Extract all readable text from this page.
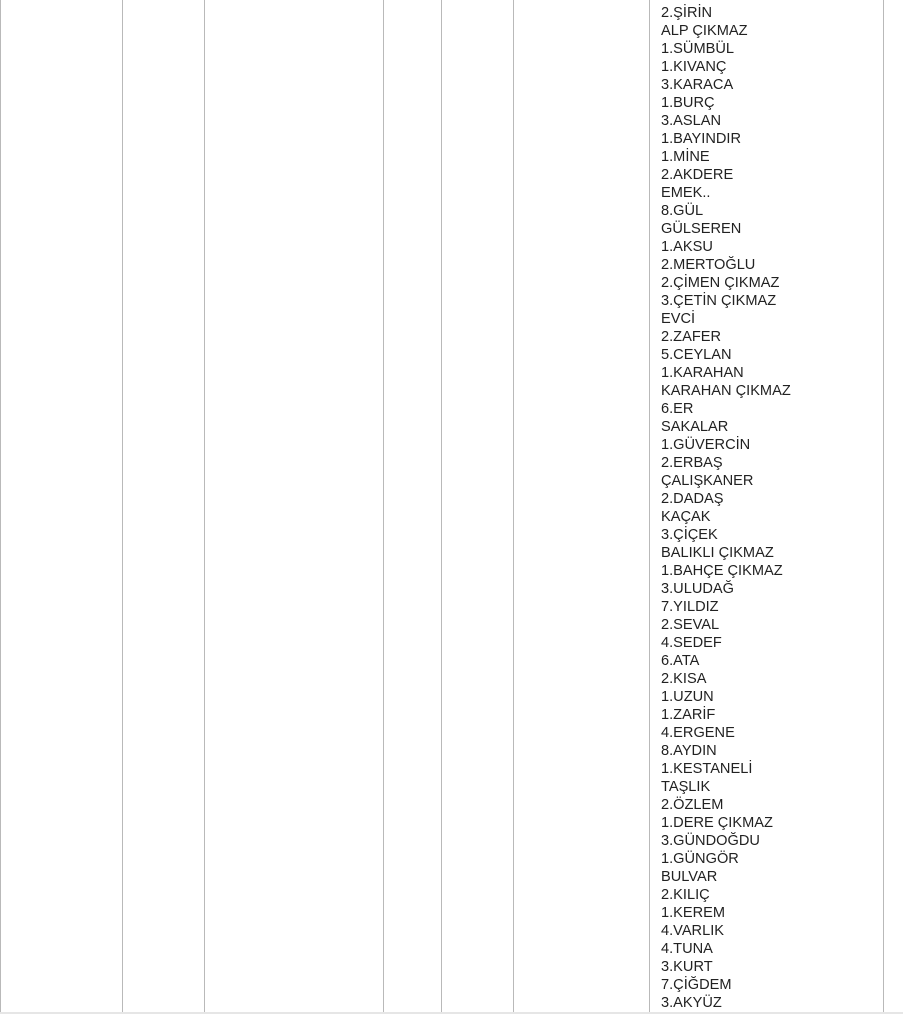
2.ŞİRİN
ALP ÇIKMAZ
1.SÜMBÜL
1.KIVANÇ
3.KARACA
1.BURÇ
3.ASLAN
1.BAYINDIR
1.MİNE
2.AKDERE
EMEK..
8.GÜL
GÜLSEREN
1.AKSU
2.MERTOĞLU
2.ÇİMEN ÇIKMAZ
3.ÇETİN ÇIKMAZ
EVCİ
2.ZAFER
5.CEYLAN
1.KARAHAN
KARAHAN ÇIKMAZ
6.ER
SAKALAR
1.GÜVERCİN
2.ERBAŞ
ÇALIŞKANER
2.DADAŞ
KAÇAK
3.ÇİÇEK
BALIKLI ÇIKMAZ
1.BAHÇE ÇIKMAZ
3.ULUDAĞ
7.YILDIZ
2.SEVAL
4.SEDEF
6.ATA
2.KISA
1.UZUN
1.ZARİF
4.ERGENE
8.AYDIN
1.KESTANELİ
TAŞLIK
2.ÖZLEM
1.DERE ÇIKMAZ
3.GÜNDOĞDU
1.GÜNGÖR
BULVAR
2.KILIÇ
1.KEREM
4.VARLIK
4.TUNA
3.KURT
7.ÇİĞDEM
3.AKYÜZ
